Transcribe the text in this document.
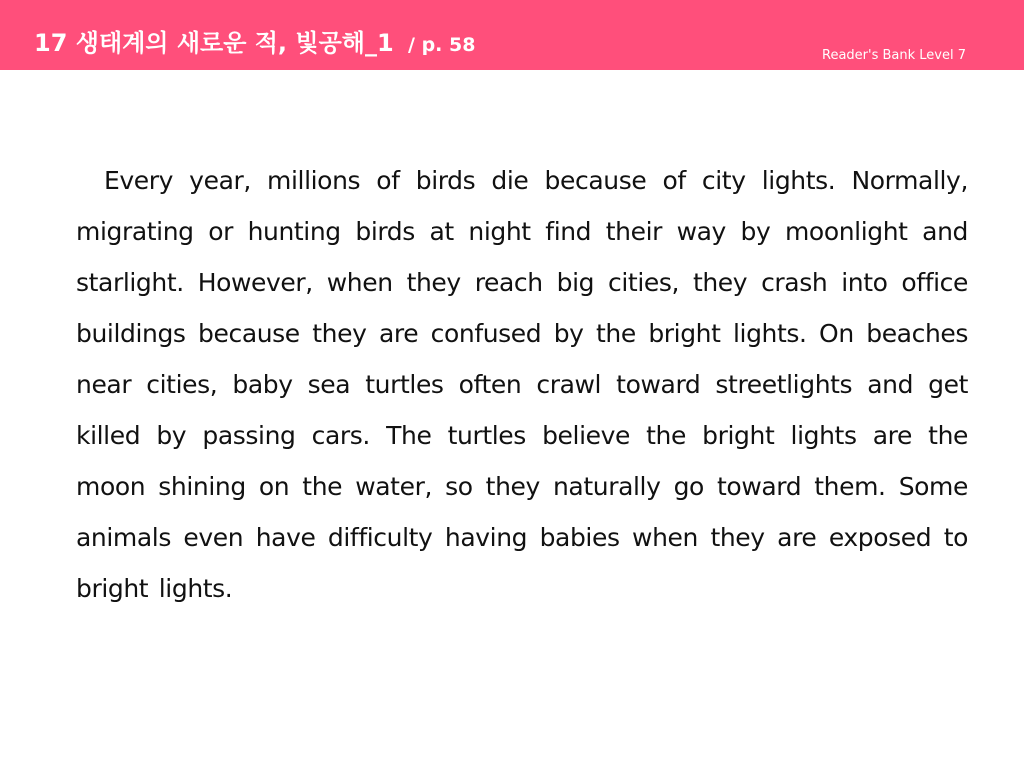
17 생태계의 새로운 적, 빛공해_1 / p. 58	Reader's Bank Level 7

Every year, millions of birds die because of city lights. Normally, migrating or hunting birds at night find their way by moonlight and starlight. However, when they reach big cities, they crash into office buildings because they are confused by the bright lights. On beaches near cities, baby sea turtles often crawl toward streetlights and get killed by passing cars. The turtles believe the bright lights are the moon shining on the water, so they naturally go toward them. Some animals even have difficulty having babies when they are exposed to bright lights.
